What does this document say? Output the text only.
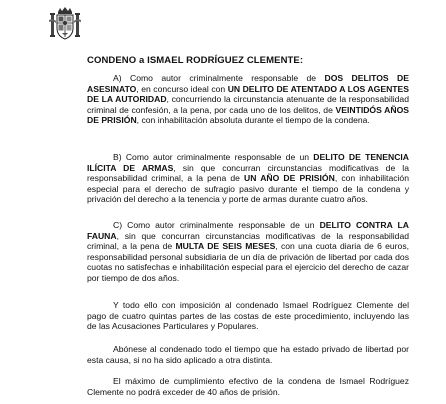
CONDENO a ISMAEL RODRÍGUEZ CLEMENTE:

A) Como autor criminalmente responsable de DOS DELITOS DE ASESINATO, en concurso ideal con UN DELITO DE ATENTADO A LOS AGENTES DE LA AUTORIDAD, concurriendo la circunstancia atenuante de la responsabilidad criminal de confesión, a la pena, por cada uno de los delitos, de VEINTIDÓS AÑOS DE PRISIÓN, con inhabilitación absoluta durante el tiempo de la condena.

B) Como autor criminalmente responsable de un DELITO DE TENENCIA ILÍCITA DE ARMAS, sin que concurran circunstancias modificativas de la responsabilidad criminal, a la pena de UN AÑO DE PRISIÓN, con inhabilitación especial para el derecho de sufragio pasivo durante el tiempo de la condena y privación del derecho a la tenencia y porte de armas durante cuatro años.

C) Como autor criminalmente responsable de un DELITO CONTRA LA FAUNA, sin que concurran circunstancias modificativas de la responsabilidad criminal, a la pena de MULTA DE SEIS MESES, con una cuota diaria de 6 euros, responsabilidad personal subsidiaria de un día de privación de libertad por cada dos cuotas no satisfechas e inhabilitación especial para el ejercicio del derecho de cazar por tiempo de dos años.

Y todo ello con imposición al condenado Ismael Rodríguez Clemente del pago de cuatro quintas partes de las costas de este procedimiento, incluyendo las de las Acusaciones Particulares y Populares.

Abónese al condenado todo el tiempo que ha estado privado de libertad por esta causa, si no ha sido aplicado a otra distinta.

El máximo de cumplimiento efectivo de la condena de Ismael Rodríguez Clemente no podrá exceder de 40 años de prisión.
